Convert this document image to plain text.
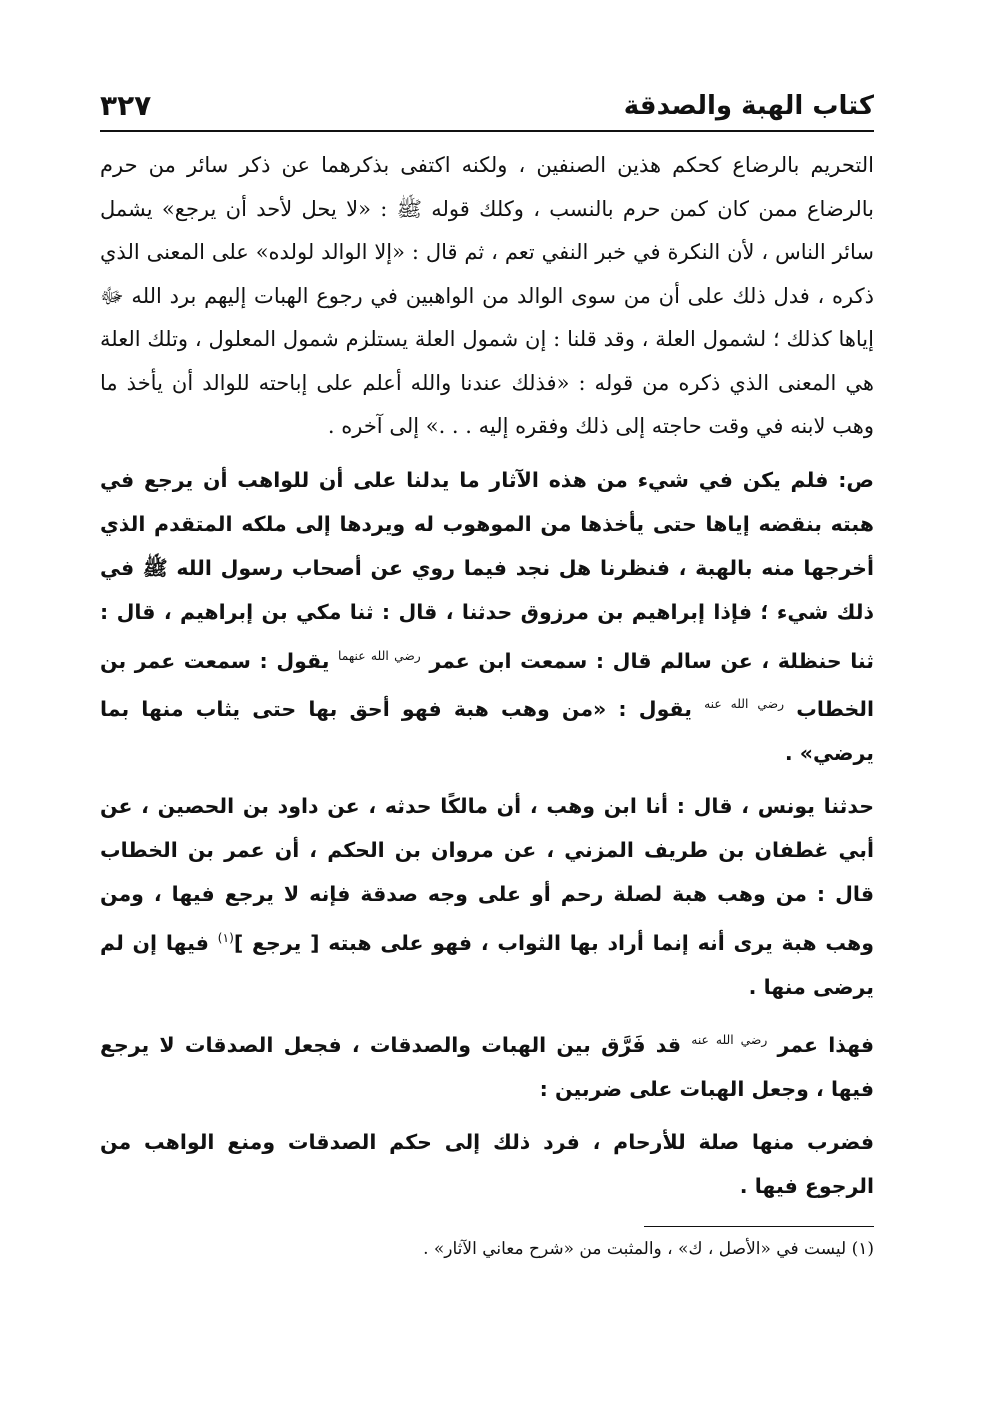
كتاب الهبة والصدقة
٣٢٧

التحريم بالرضاع كحكم هذين الصنفين ، ولكنه اكتفى بذكرهما عن ذكر سائر من حرم بالرضاع ممن كان كمن حرم بالنسب ، وكلك قوله ﷺ : «لا يحل لأحد أن يرجع» يشمل سائر الناس ، لأن النكرة في خبر النفي تعم ، ثم قال : «إلا الوالد لولده» على المعنى الذي ذكره ، فدل ذلك على أن من سوى الوالد من الواهبين في رجوع الهبات إليهم برد الله ﷻ إياها كذلك ؛ لشمول العلة ، وقد قلنا : إن شمول العلة يستلزم شمول المعلول ، وتلك العلة هي المعنى الذي ذكره من قوله : «فذلك عندنا والله أعلم على إباحته للوالد أن يأخذ ما وهب لابنه في وقت حاجته إلى ذلك وفقره إليه . . .» إلى آخره .

ص: فلم يكن في شيء من هذه الآثار ما يدلنا على أن للواهب أن يرجع في هبته بنقضه إياها حتى يأخذها من الموهوب له ويردها إلى ملكه المتقدم الذي أخرجها منه بالهبة ، فنظرنا هل نجد فيما روي عن أصحاب رسول الله ﷺ في ذلك شيء ؛ فإذا إبراهيم بن مرزوق حدثنا ، قال : ثنا مكي بن إبراهيم ، قال : ثنا حنظلة ، عن سالم قال : سمعت ابن عمر $^{رضي الله عنهما}$ يقول : سمعت عمر بن الخطاب $^{رضي الله عنه}$ يقول : «من وهب هبة فهو أحق بها حتى يثاب منها بما يرضي» .

حدثنا يونس ، قال : أنا ابن وهب ، أن مالكًا حدثه ، عن داود بن الحصين ، عن أبي غطفان بن طريف المزني ، عن مروان بن الحكم ، أن عمر بن الخطاب قال : من وهب هبة لصلة رحم أو على وجه صدقة فإنه لا يرجع فيها ، ومن وهب هبة يرى أنه إنما أراد بها الثواب ، فهو على هبته [ يرجع ]$^{(١)}$ فيها إن لم يرضى منها .

فهذا عمر $^{رضي الله عنه}$ قد فَرَّق بين الهبات والصدقات ، فجعل الصدقات لا يرجع فيها ، وجعل الهبات على ضربين :

فضرب منها صلة للأرحام ، فرد ذلك إلى حكم الصدقات ومنع الواهب من الرجوع فيها .

(١) ليست في «الأصل ، ك» ، والمثبت من «شرح معاني الآثار» .
